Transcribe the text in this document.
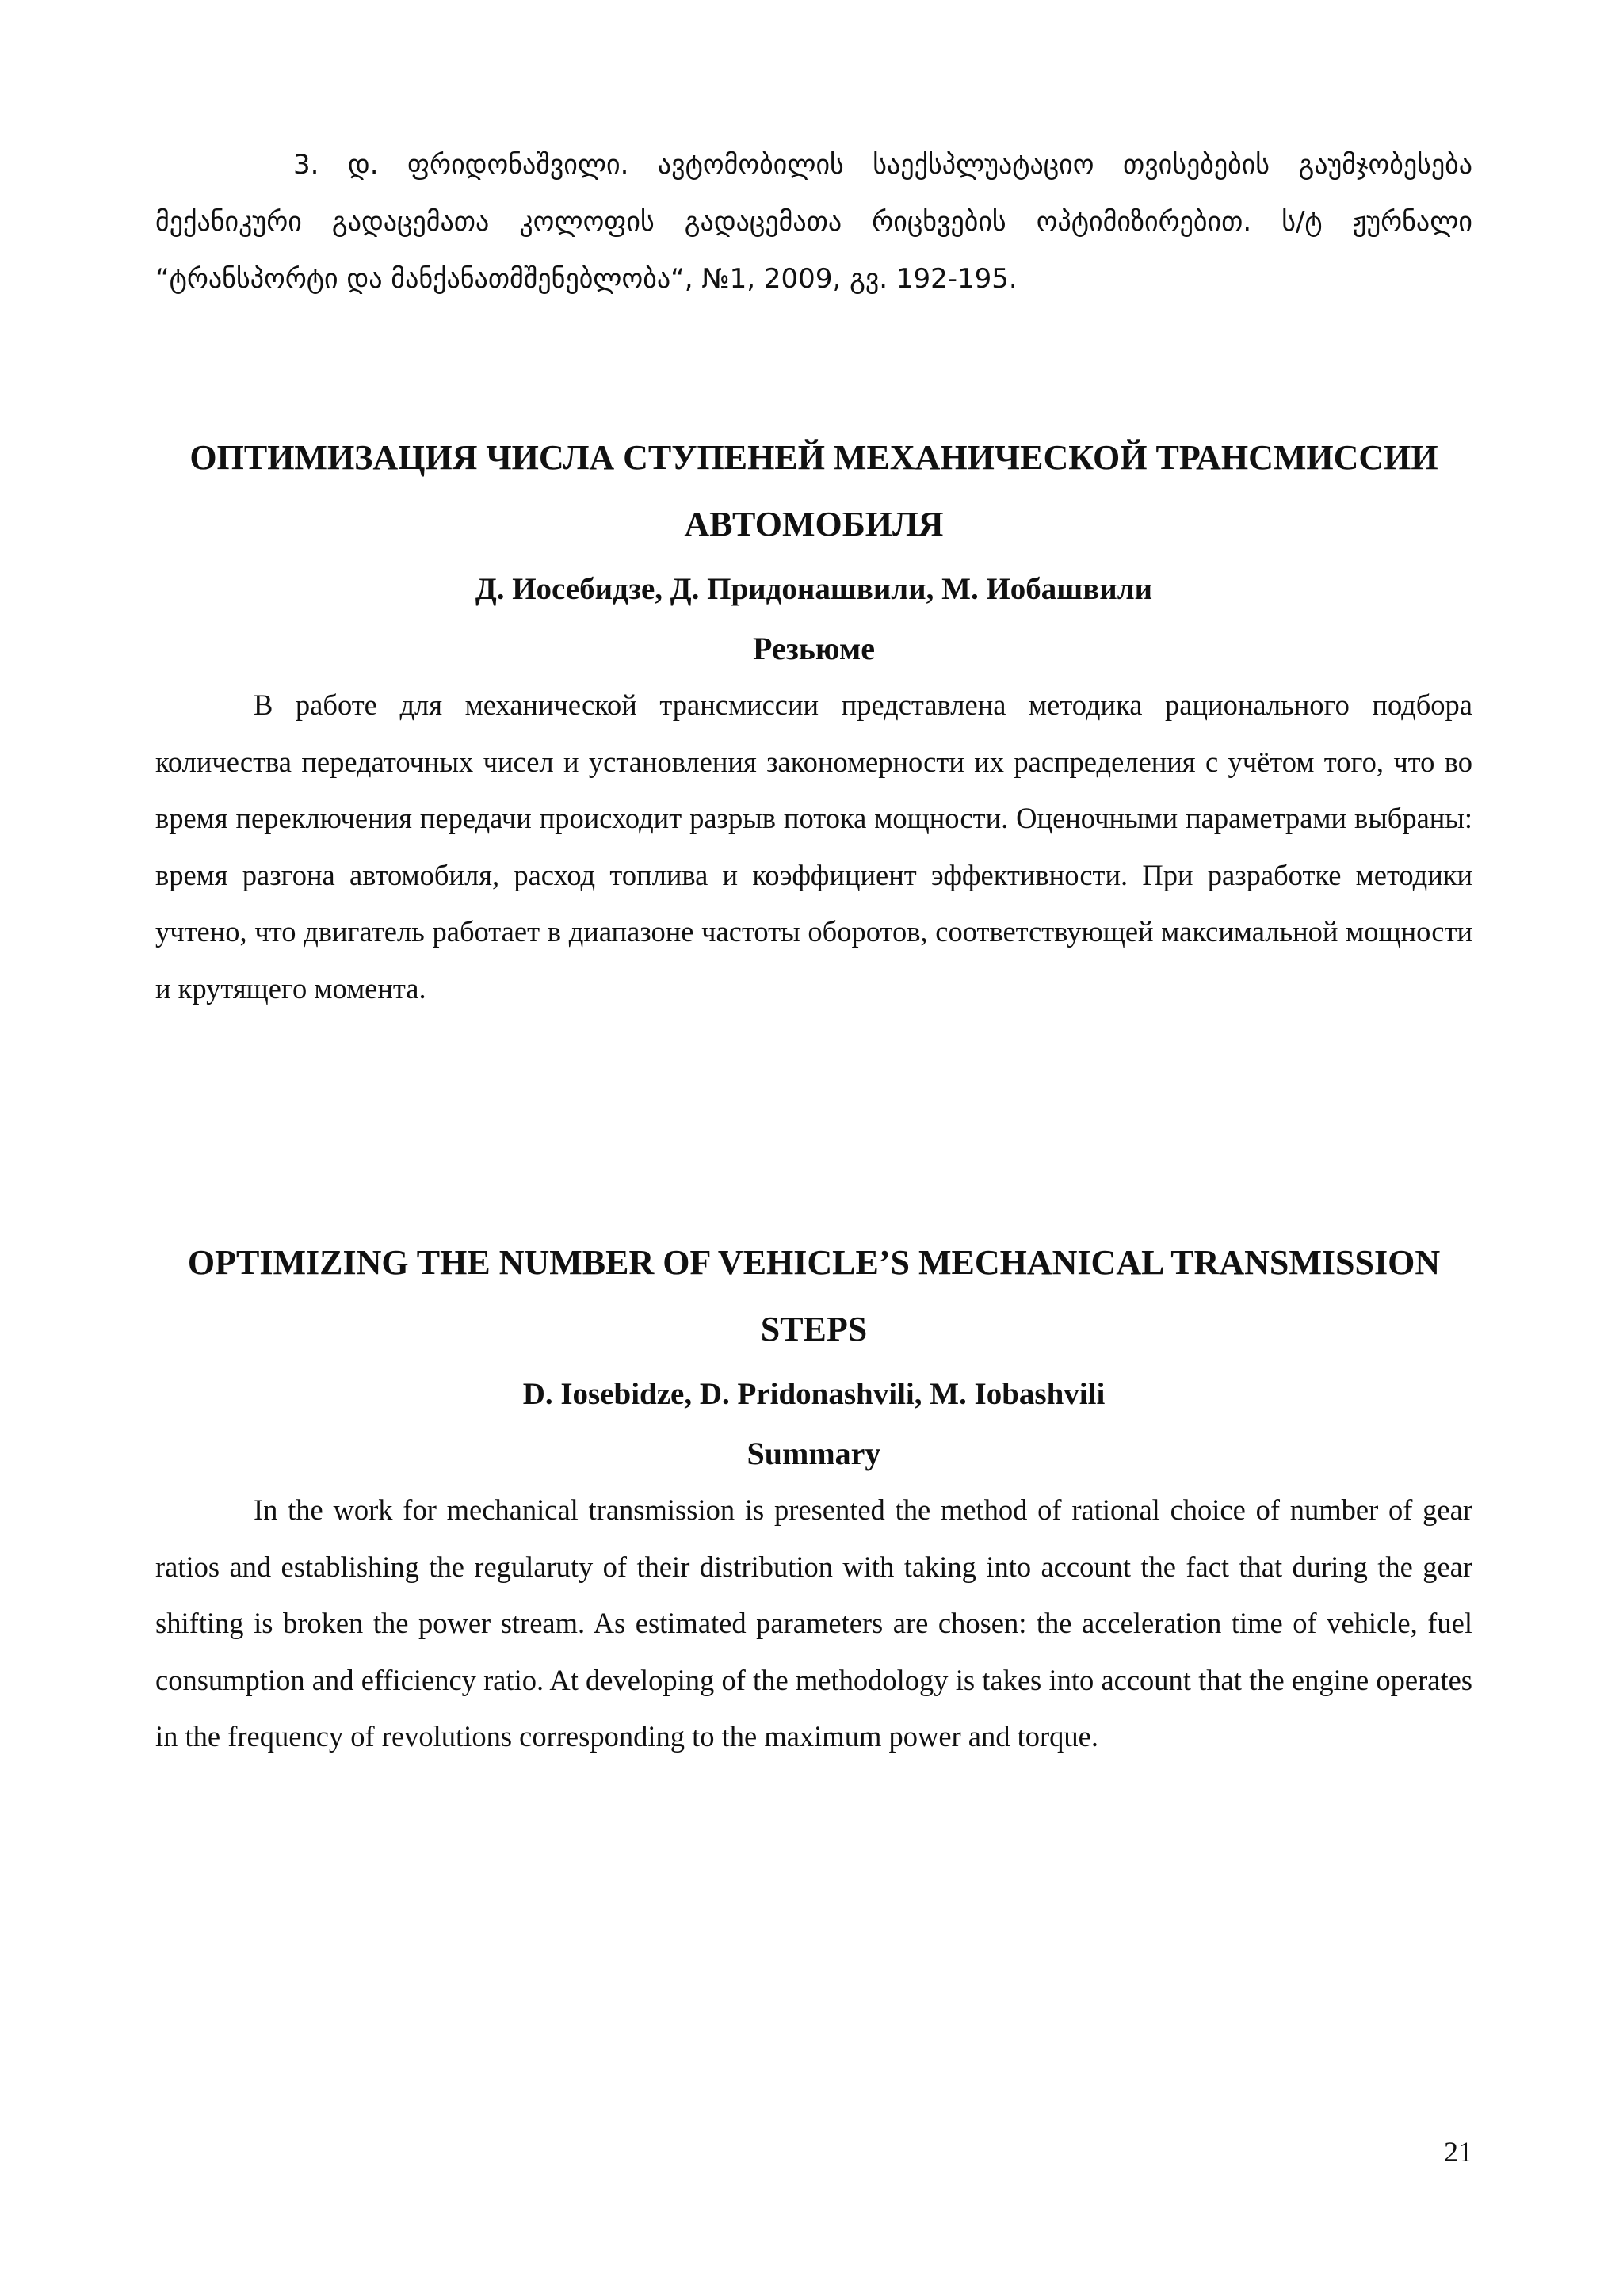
3. დ. ფრიდონაშვილი. ავტომობილის საექსპლუატაციო თვისებების გაუმჯობესება მექანიკური გადაცემათა კოლოფის გადაცემათა რიცხვების ოპტიმიზირებით. ს/ტ ჟურნალი “ტრანსპორტი და მანქანათმშენებლობა“, №1, 2009, გვ. 192-195.

ОПТИМИЗАЦИЯ ЧИСЛА СТУПЕНЕЙ МЕХАНИЧЕСКОЙ ТРАНСМИССИИ АВТОМОБИЛЯ
Д. Иосебидзе, Д. Придонашвили, М. Иобашвили
Резьюме

В работе для механической трансмиссии представлена методика рационального подбора количества передаточных чисел и установления закономерности их распределения с учётом того, что во время переключения передачи происходит разрыв потока мощности. Оценочными параметрами выбраны: время разгона автомобиля, расход топлива и коэффициент эффективности. При разработке методики учтено, что двигатель работает в диапазоне частоты оборотов, соответствующей максимальной мощности и крутящего момента.

OPTIMIZING THE NUMBER OF VEHICLE’S MECHANICAL TRANSMISSION STEPS
D. Iosebidze, D. Pridonashvili, M. Iobashvili
Summary

In the work for mechanical transmission is presented the method of rational choice of number of gear ratios and establishing the regularuty of their distribution with taking into account the fact that during the gear shifting is broken the power stream. As estimated parameters are chosen: the acceleration time of vehicle, fuel consumption and efficiency ratio. At developing of the methodology is takes into account that the engine operates in the frequency of revolutions corresponding to the maximum power and torque.

21
